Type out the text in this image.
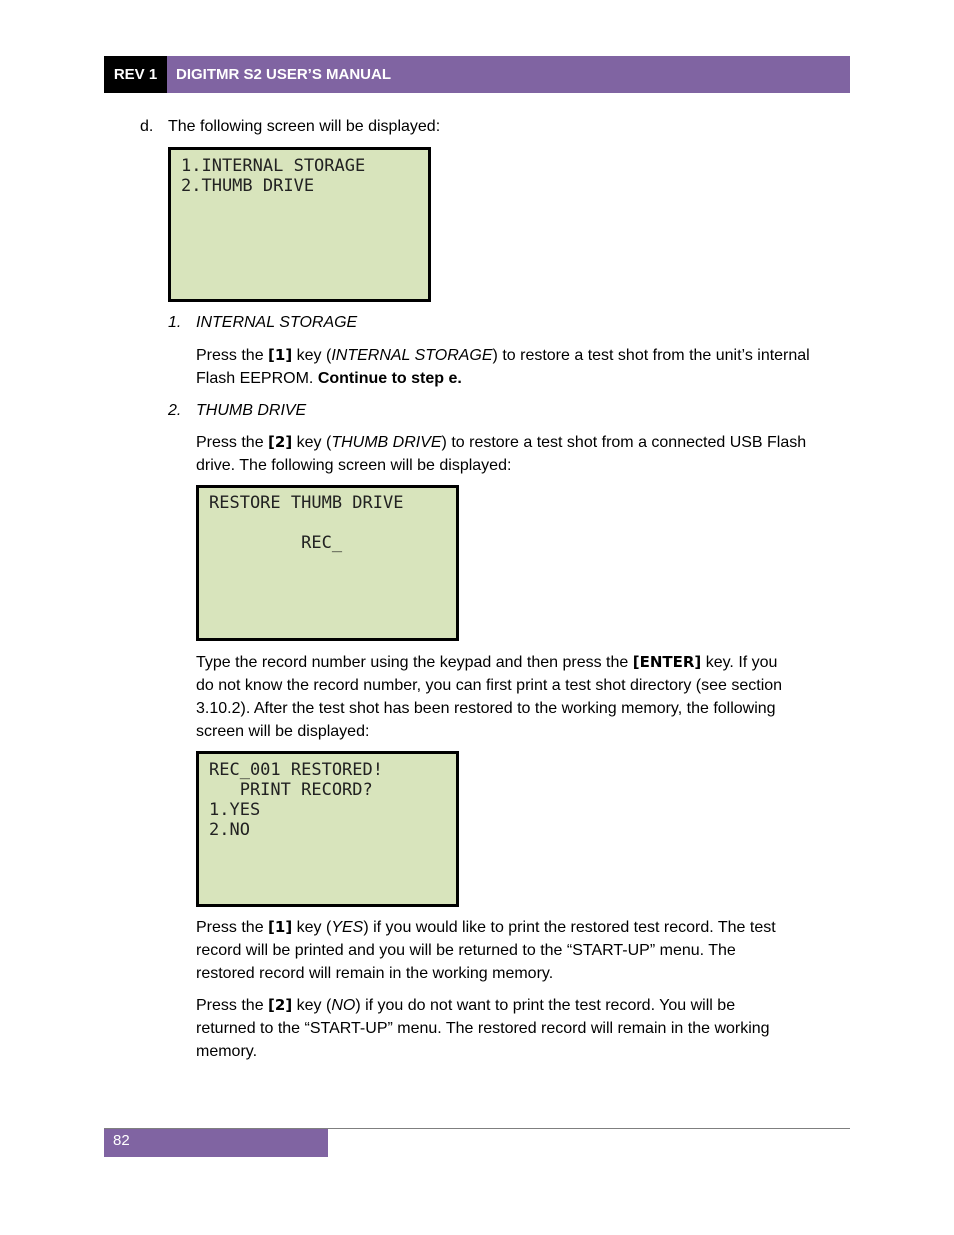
REV 1	DIGITMR S2 USER’S MANUAL
d. The following screen will be displayed:
1.INTERNAL STORAGE
2.THUMB DRIVE
1. INTERNAL STORAGE
Press the [1] key (INTERNAL STORAGE) to restore a test shot from the unit’s internal
Flash EEPROM. Continue to step e.
2. THUMB DRIVE
Press the [2] key (THUMB DRIVE) to restore a test shot from a connected USB Flash
drive. The following screen will be displayed:
RESTORE THUMB DRIVE
REC_
Type the record number using the keypad and then press the [ENTER] key. If you
do not know the record number, you can first print a test shot directory (see section
3.10.2). After the test shot has been restored to the working memory, the following
screen will be displayed:
REC_001 RESTORED!
PRINT RECORD?
1.YES
2.NO
Press the [1] key (YES) if you would like to print the restored test record. The test
record will be printed and you will be returned to the “START-UP” menu. The
restored record will remain in the working memory.
Press the [2] key (NO) if you do not want to print the test record. You will be
returned to the “START-UP” menu. The restored record will remain in the working
memory.
82
